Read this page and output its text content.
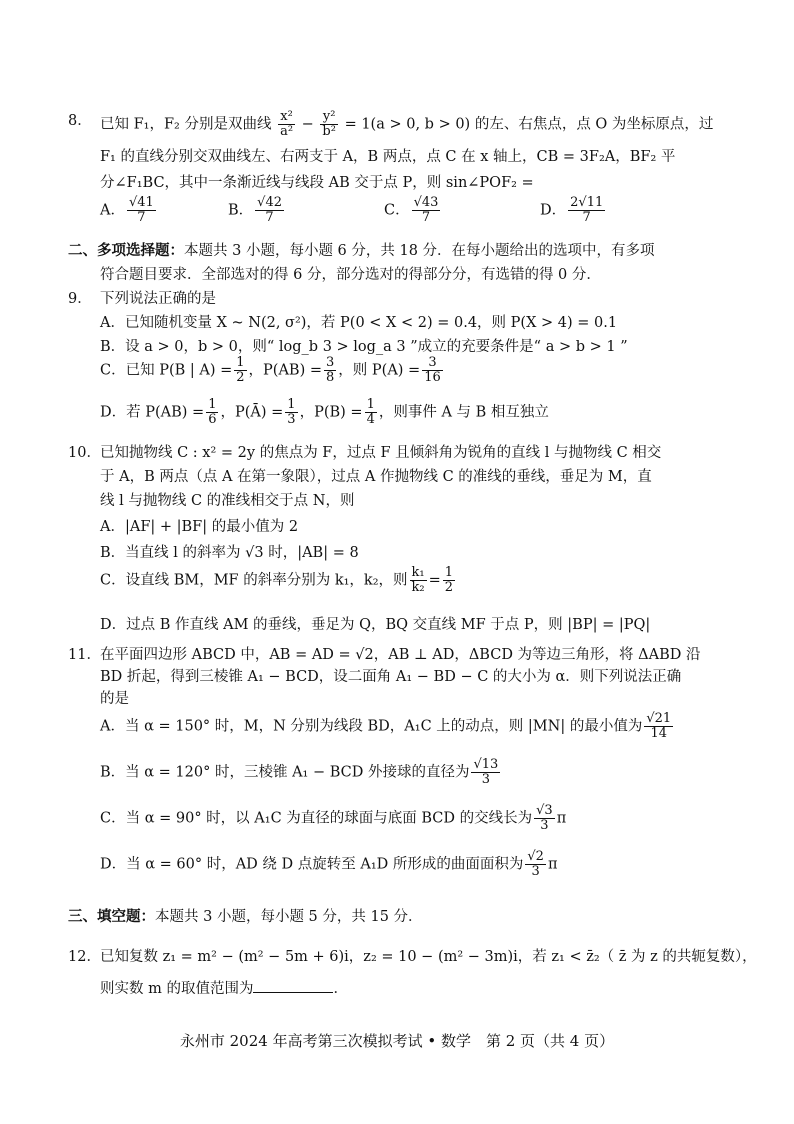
8． 已知 F₁，F₂ 分别是双曲线 $\frac{\text{x²}}{\text{a²}} - \frac{\text{y²}}{\text{b²}} = 1(a > 0$, b > 0) 的左、右焦点，点 O 为坐标原点，过
F₁ 的直线分别交双曲线左、右两支于 A，B 两点，点 C 在 x 轴上，CB = 3F₂A，BF₂ 平
分∠F₁BC，其中一条渐近线与线段 AB 交于点 P，则 sin∠POF₂ =
A． $\frac{√41}{7}$	B． $\frac{√42}{7}$	C． $\frac{√43}{7}$	D． $\frac{2√11}{7}$
二、多项选择题：本题共 3 小题，每小题 6 分，共 18 分．在每小题给出的选项中，有多项
符合题目要求．全部选对的得 6 分，部分选对的得部分分，有选错的得 0 分．
9． 下列说法正确的是
A．已知随机变量 X ~ N(2, σ²)，若 P(0 < X < 2) = 0.4，则 P(X > 4) = 0.1
B．设 a > 0，b > 0，则“ log_b 3 > log_a 3 ”成立的充要条件是“ a > b > 1 ”
C．已知 P(B | $A) = \frac{1}{2}$ ，$P(AB) = \frac{3}{8}$ ，则 $P(A) = \frac{3}{16}$
D．若 $P(AB) = \frac{1}{6}$ ，P(Ā) = $\frac{1}{3}$ ，$P(B) = \frac{1}{4}$ ，则事件 A 与 B 相互独立
10． 已知抛物线 C : x² = 2y 的焦点为 F，过点 F 且倾斜角为锐角的直线 l 与抛物线 C 相交
于 A，B 两点（点 A 在第一象限），过点 A 作抛物线 C 的准线的垂线，垂足为 M，直
线 l 与抛物线 C 的准线相交于点 N，则
A．|AF| + |BF| 的最小值为 2
B．当直线 l 的斜率为 √3 时，|AB| = 8
C．设直线 BM，MF 的斜率分别为 k₁，k₂，则 $\frac{\text{k₁}}{\text{k₂}} = \frac{1}{2}$
D．过点 B 作直线 AM 的垂线，垂足为 Q，BQ 交直线 MF 于点 P，则 |BP| = |PQ|
11． 在平面四边形 ABCD 中，AB = AD = √2，AB ⊥ AD，ΔBCD 为等边三角形，将 ΔABD 沿
BD 折起，得到三棱锥 A₁ − BCD，设二面角 A₁ − BD − C 的大小为 α．则下列说法正确
的是
A．当 α = 150° 时，M，N 分别为线段 BD，A₁C 上的动点，则 |MN| 的最小值为 $\frac{√21}{14}$
B．当 α = 120° 时，三棱锥 A₁ − BCD 外接球的直径为 $\frac{√13}{3}$
C．当 α = 90° 时，以 A₁C 为直径的球面与底面 BCD 的交线长为 $\frac{√3}{3}$ π
D．当 α = 60° 时，AD 绕 D 点旋转至 A₁D 所形成的曲面面积为 $\frac{√2}{3}$ π
三、填空题：本题共 3 小题，每小题 5 分，共 15 分．
12． 已知复数 z₁ = m² − (m² − 5m + 6)i，z₂ = 10 − (m² − 3m)i，若 z₁ < z̄₂（ z̄ 为 z 的共轭复数），
则实数 m 的取值范围为	．
永州市 2024 年高考第三次模拟考试 • 数学　第 2 页（共 4 页）
